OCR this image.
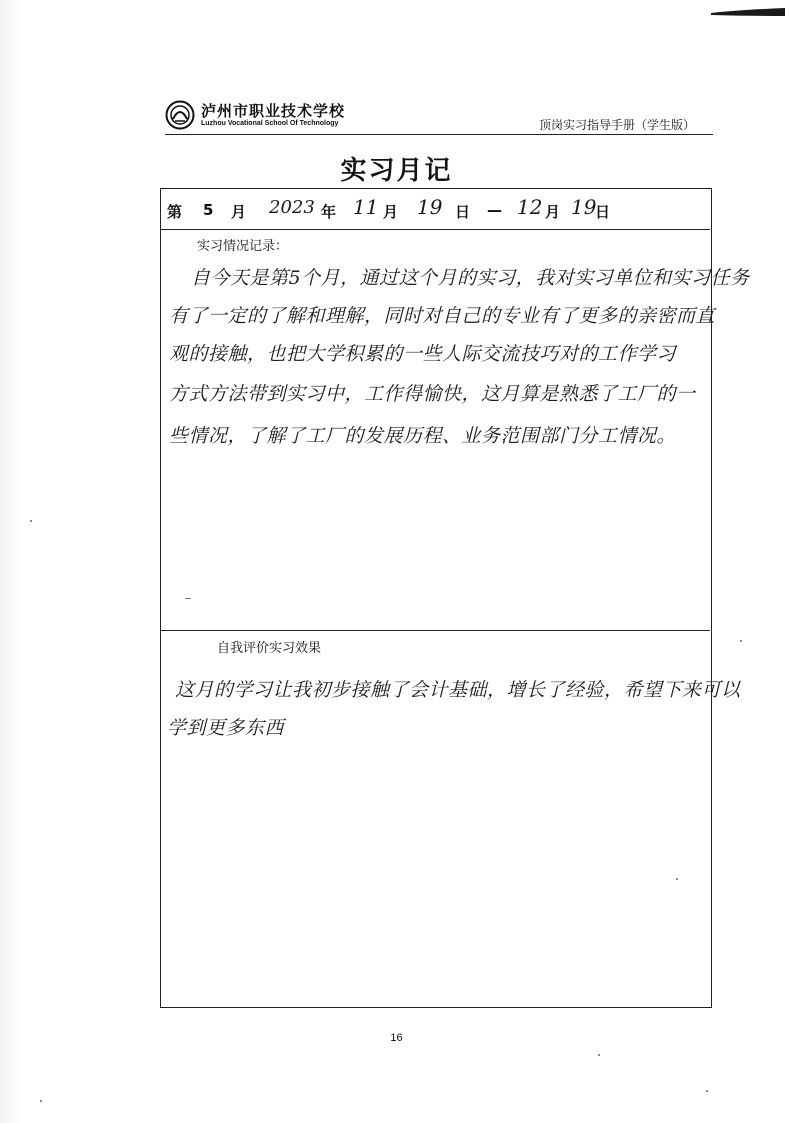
泸州市职业技术学校
Luzhou Vocational School Of Technology	顶岗实习指导手册（学生版）
实习月记
第 5 月 2023 年 11 月 19 日 — 12 月 19
日
实习情况记录：
自今天是第5个月，通过这个月的实习，我对实习单位和实习任务
有了一定的了解和理解，同时对自己的专业有了更多的亲密而直
观的接触，也把大学积累的一些人际交流技巧对的工作学习
方式方法带到实习中，工作得愉快，这月算是熟悉了工厂的一
些情况，了解了工厂的发展历程、业务范围部门分工情况。
自我评价实习效果
这月的学习让我初步接触了会计基础，增长了经验，希望下来可以
学到更多东西
16
